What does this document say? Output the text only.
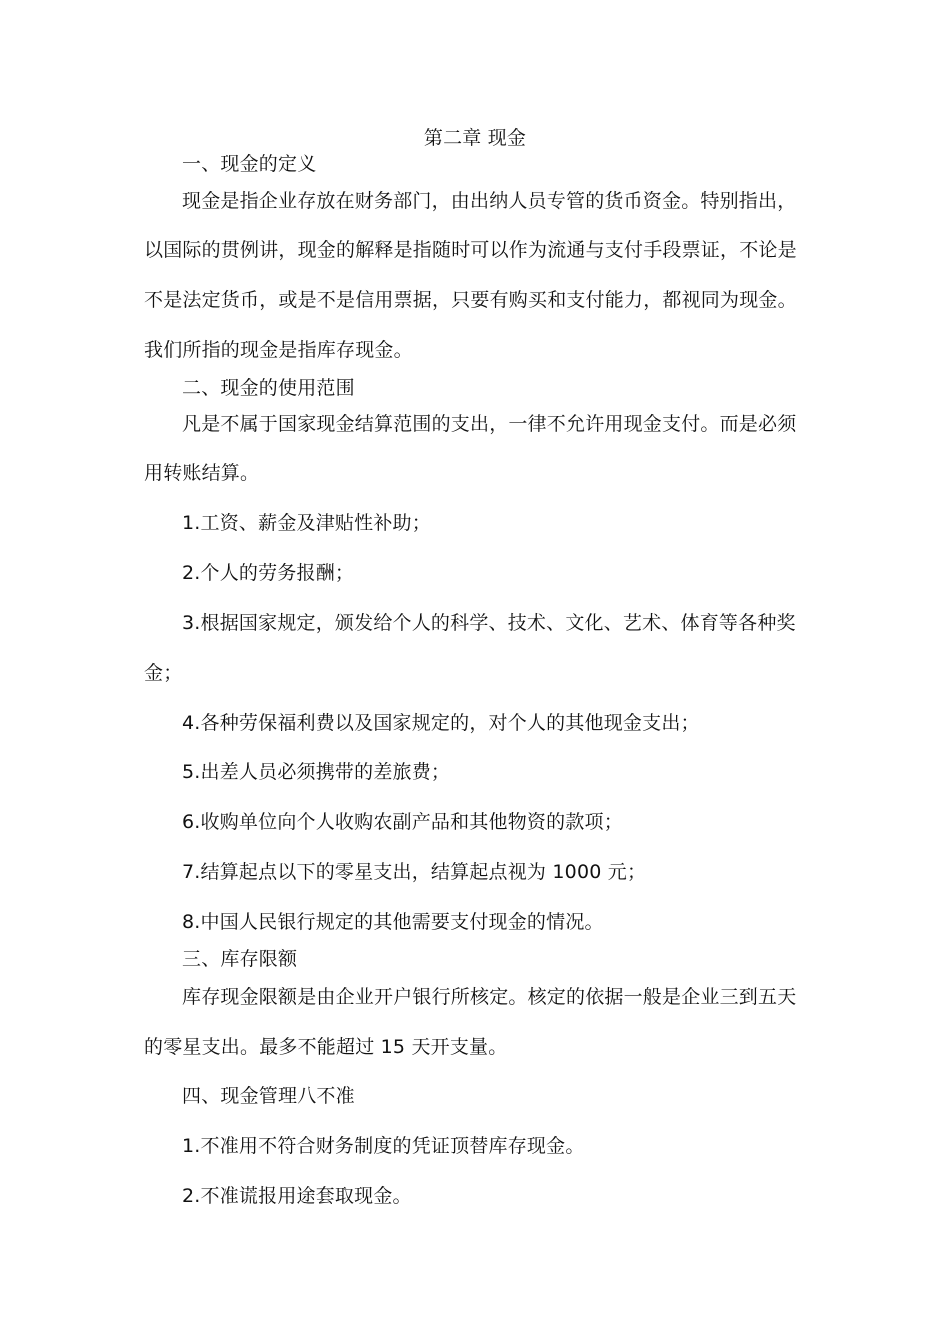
第二章 现金
一、现金的定义
现金是指企业存放在财务部门，由出纳人员专管的货币资金。特别指出，
以国际的贯例讲，现金的解释是指随时可以作为流通与支付手段票证，不论是
不是法定货币，或是不是信用票据，只要有购买和支付能力，都视同为现金。
我们所指的现金是指库存现金。
二、现金的使用范围
凡是不属于国家现金结算范围的支出，一律不允许用现金支付。而是必须
用转账结算。
1.工资、薪金及津贴性补助；
2.个人的劳务报酬；
3.根据国家规定，颁发给个人的科学、技术、文化、艺术、体育等各种奖
金；
4.各种劳保福利费以及国家规定的，对个人的其他现金支出；
5.出差人员必须携带的差旅费；
6.收购单位向个人收购农副产品和其他物资的款项；
7.结算起点以下的零星支出，结算起点视为 1000 元；
8.中国人民银行规定的其他需要支付现金的情况。
三、库存限额
库存现金限额是由企业开户银行所核定。核定的依据一般是企业三到五天
的零星支出。最多不能超过 15 天开支量。
四、现金管理八不准
1.不准用不符合财务制度的凭证顶替库存现金。
2.不准谎报用途套取现金。
